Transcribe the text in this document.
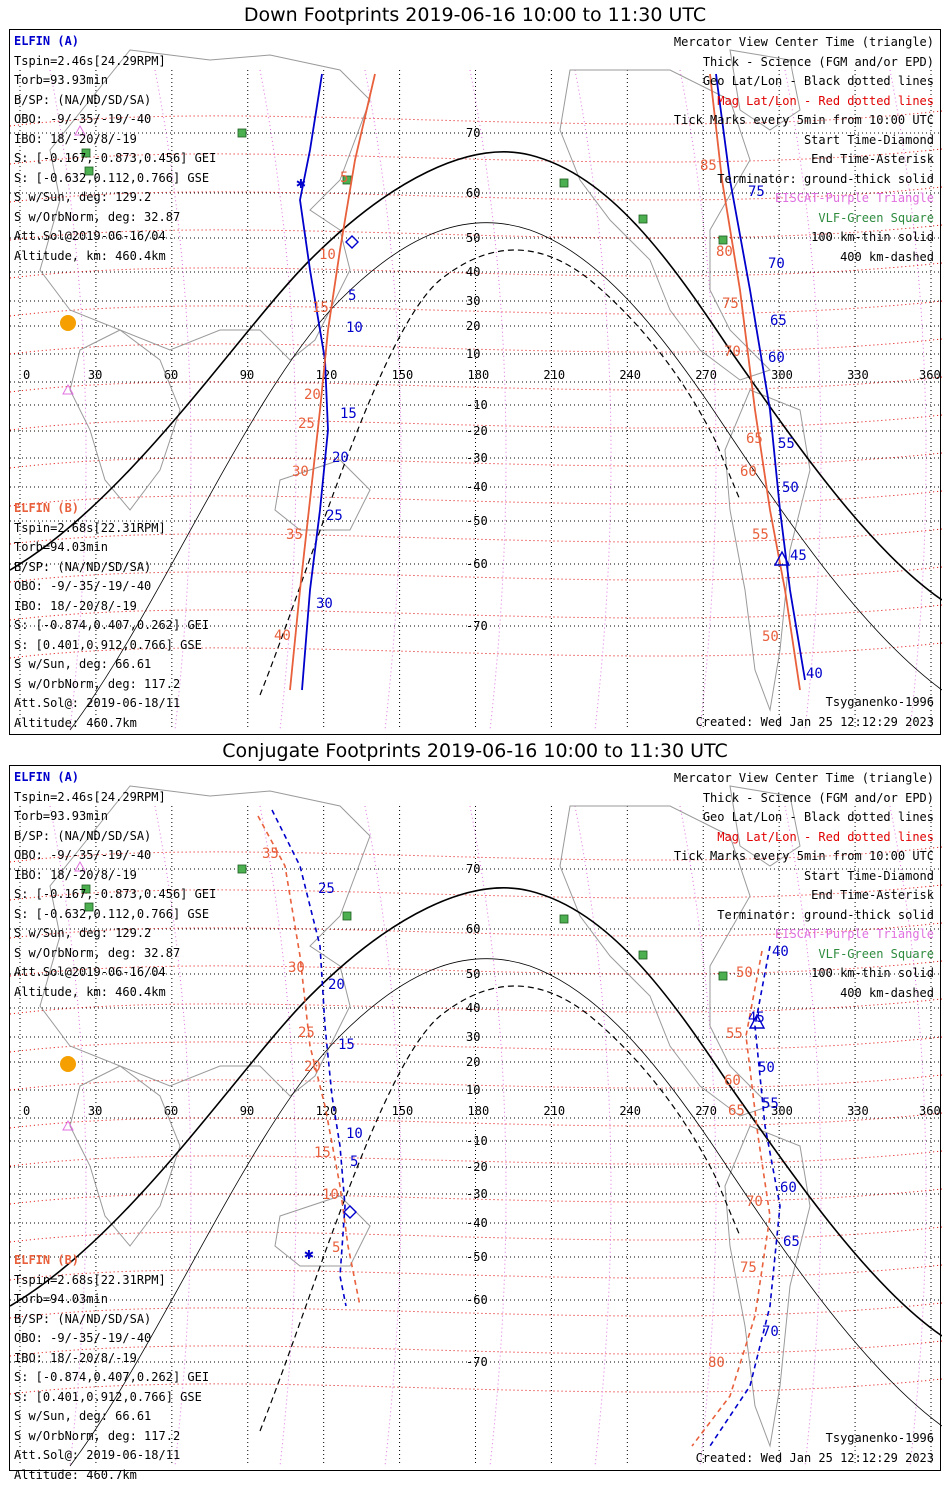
Down Footprints 2019-06-16 10:00 to 11:30 UTC
0	30	60	90	120	150	180	210	240	270	300	330	360
70
60
50
40
30
20
10
-10
-20
-30
-40
-50
-60
-70
✱
5
10
15
20
25
30
40
45
50
55
60
65
70
75
5
10
15
20
25
30
35
40	50
55
60
65
70
75
80
85
ELFIN (A)
Tspin=2.46s[24.29RPM]
Torb=93.93min
B/SP: (NA/ND/SD/SA)
OBO: -9/-35/-19/-40
IBO: 18/-20/8/-19
S: [-0.167,-0.873,0.456] GEI
S: [-0.632,0.112,0.766] GSE
S w/Sun, deg: 129.2
S w/OrbNorm, deg: 32.87
Att.Sol@2019-06-16/04
Altitude, km: 460.4km
ELFIN (B)
Tspin=2.68s[22.31RPM]
Torb=94.03min
B/SP: (NA/ND/SD/SA)
OBO: -9/-35/-19/-40
IBO: 18/-20/8/-19
S: [-0.874,0.407,0.262] GEI
S: [0.401,0.912,0.766] GSE
S w/Sun, deg: 66.61
S w/OrbNorm, deg: 117.2
Att.Sol@: 2019-06-18/11
Altitude: 460.7km
Mercator View Center Time (triangle)
Thick - Science (FGM and/or EPD)
Geo Lat/Lon - Black dotted lines
Mag Lat/Lon - Red dotted lines
Tick Marks every 5min from 10:00 UTC
Start Time-Diamond
End Time-Asterisk
Terminator: ground-thick solid
EISCAT-Purple Triangle
VLF-Green Square
100 km-thin solid
400 km-dashed
Tsyganenko-1996
Created: Wed Jan 25 12:12:29 2023
Conjugate Footprints 2019-06-16 10:00 to 11:30 UTC
0	30	60	90	120	150	180	210	240	270	300	330	360
70
60
50
40
30
20
10
-10
-20
-30
-40
-50
-60
-70
✱
25
20
15
10
5
40
45
50
55
60
65
70
35
30
25
20
15
10
5
50
55
60
65
70
75
80
ELFIN (A)
Tspin=2.46s[24.29RPM]
Torb=93.93min
B/SP: (NA/ND/SD/SA)
OBO: -9/-35/-19/-40
IBO: 18/-20/8/-19
S: [-0.167,-0.873,0.456] GEI
S: [-0.632,0.112,0.766] GSE
S w/Sun, deg: 129.2
S w/OrbNorm, deg: 32.87
Att.Sol@2019-06-16/04
Altitude, km: 460.4km
ELFIN (B)
Tspin=2.68s[22.31RPM]
Torb=94.03min
B/SP: (NA/ND/SD/SA)
OBO: -9/-35/-19/-40
IBO: 18/-20/8/-19
S: [-0.874,0.407,0.262] GEI
S: [0.401,0.912,0.766] GSE
S w/Sun, deg: 66.61
S w/OrbNorm, deg: 117.2
Att.Sol@: 2019-06-18/11
Altitude: 460.7km
Mercator View Center Time (triangle)
Thick - Science (FGM and/or EPD)
Geo Lat/Lon - Black dotted lines
Mag Lat/Lon - Red dotted lines
Tick Marks every 5min from 10:00 UTC
Start Time-Diamond
End Time-Asterisk
Terminator: ground-thick solid
EISCAT-Purple Triangle
VLF-Green Square
100 km-thin solid
400 km-dashed
Tsyganenko-1996
Created: Wed Jan 25 12:12:29 2023
